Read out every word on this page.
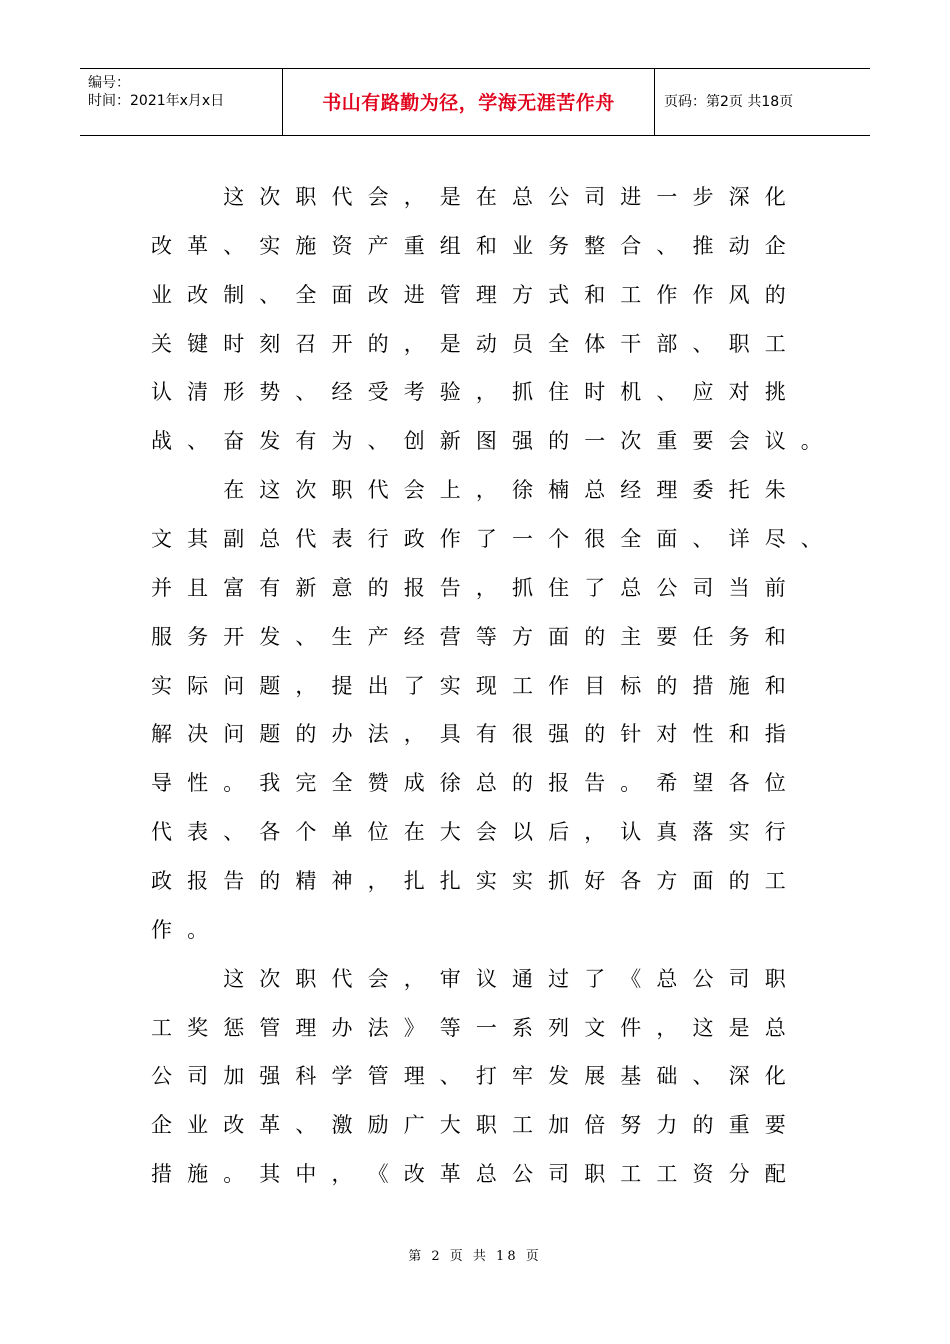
编号：
时间：2021年x月x日	书山有路勤为径，学海无涯苦作舟	页码：第2页 共18页

这 次 职 代 会 ， 是 在 总 公 司 进 一 步 深 化
改 革 、 实 施 资 产 重 组 和 业 务 整 合 、 推 动 企
业 改 制 、 全 面 改 进 管 理 方 式 和 工 作 作 风 的
关 键 时 刻 召 开 的 ， 是 动 员 全 体 干 部 、 职 工
认 清 形 势 、 经 受 考 验 ， 抓 住 时 机 、 应 对 挑
战 、 奋 发 有 为 、 创 新 图 强 的 一 次 重 要 会 议 。

在 这 次 职 代 会 上 ， 徐 楠 总 经 理 委 托 朱
文 其 副 总 代 表 行 政 作 了 一 个 很 全 面 、 详 尽 、
并 且 富 有 新 意 的 报 告 ， 抓 住 了 总 公 司 当 前
服 务 开 发 、 生 产 经 营 等 方 面 的 主 要 任 务 和
实 际 问 题 ， 提 出 了 实 现 工 作 目 标 的 措 施 和
解 决 问 题 的 办 法 ， 具 有 很 强 的 针 对 性 和 指
导 性 。 我 完 全 赞 成 徐 总 的 报 告 。 希 望 各 位
代 表 、 各 个 单 位 在 大 会 以 后 ， 认 真 落 实 行
政 报 告 的 精 神 ， 扎 扎 实 实 抓 好 各 方 面 的 工
作 。

这 次 职 代 会 ， 审 议 通 过 了 《 总 公 司 职
工 奖 惩 管 理 办 法 》 等 一 系 列 文 件 ， 这 是 总
公 司 加 强 科 学 管 理 、 打 牢 发 展 基 础 、 深 化
企 业 改 革 、 激 励 广 大 职 工 加 倍 努 力 的 重 要
措 施 。 其 中 ， 《 改 革 总 公 司 职 工 工 资 分 配
第 2 页 共 18 页
